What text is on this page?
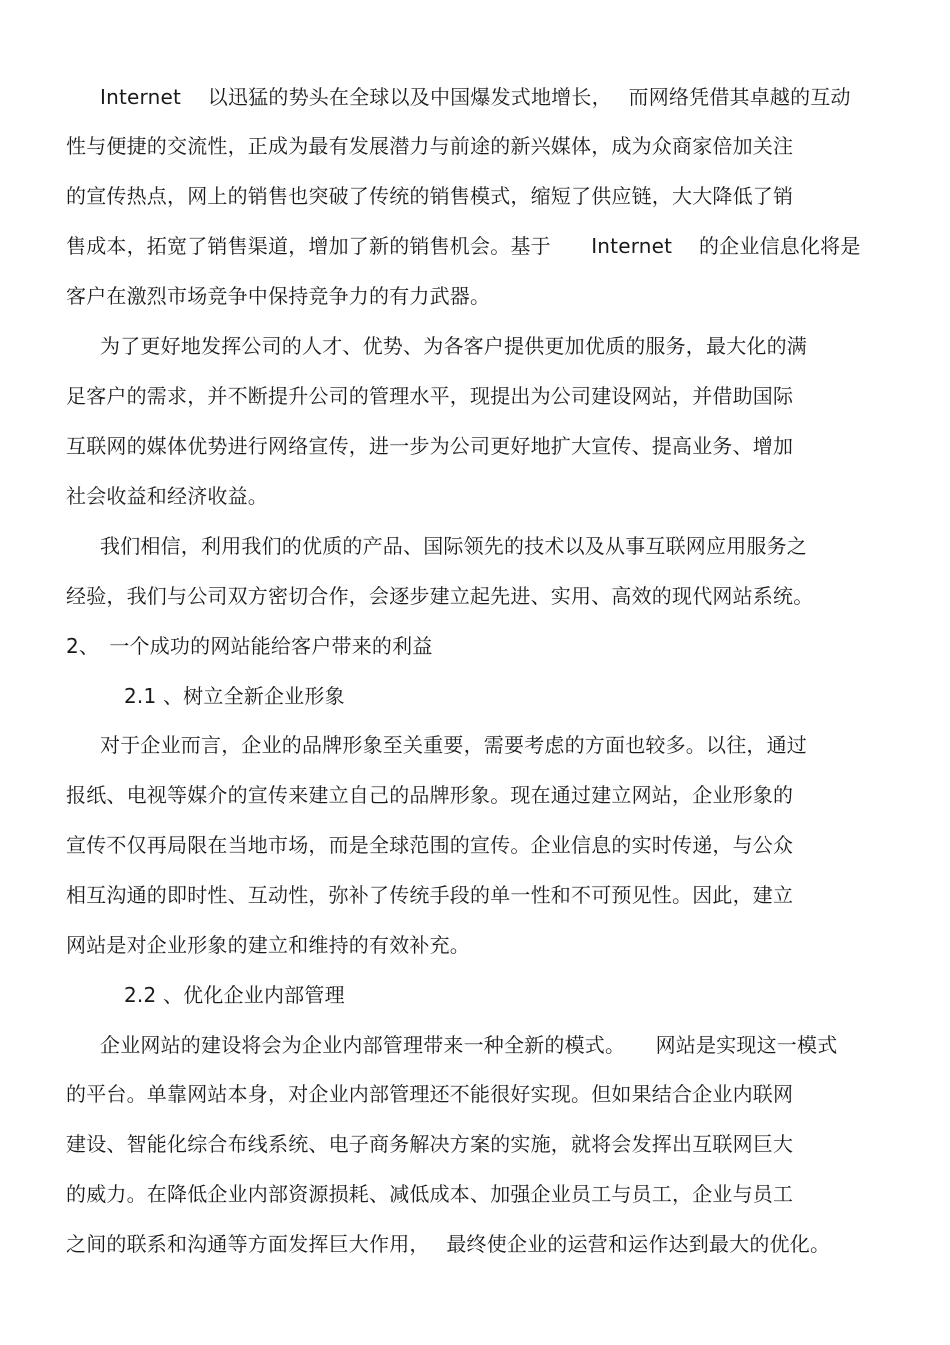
Internet　 以迅猛的势头在全球以及中国爆发式地增长，　 而网络凭借其卓越的互动
性与便捷的交流性，正成为最有发展潜力与前途的新兴媒体，成为众商家倍加关注
的宣传热点，网上的销售也突破了传统的销售模式，缩短了供应链，大大降低了销
售成本，拓宽了销售渠道，增加了新的销售机会。基于　　Internet　 的企业信息化将是
客户在激烈市场竞争中保持竞争力的有力武器。
为了更好地发挥公司的人才、优势、为各客户提供更加优质的服务，最大化的满
足客户的需求，并不断提升公司的管理水平，现提出为公司建设网站，并借助国际
互联网的媒体优势进行网络宣传，进一步为公司更好地扩大宣传、提高业务、增加
社会收益和经济收益。
我们相信，利用我们的优质的产品、国际领先的技术以及从事互联网应用服务之
经验，我们与公司双方密切合作，会逐步建立起先进、实用、高效的现代网站系统。
2、　一个成功的网站能给客户带来的利益
2.1 、树立全新企业形象
对于企业而言，企业的品牌形象至关重要，需要考虑的方面也较多。以往，通过
报纸、电视等媒介的宣传来建立自己的品牌形象。现在通过建立网站，企业形象的
宣传不仅再局限在当地市场，而是全球范围的宣传。企业信息的实时传递，与公众
相互沟通的即时性、互动性，弥补了传统手段的单一性和不可预见性。因此，建立
网站是对企业形象的建立和维持的有效补充。
2.2 、优化企业内部管理
企业网站的建设将会为企业内部管理带来一种全新的模式。　　网站是实现这一模式
的平台。单靠网站本身，对企业内部管理还不能很好实现。但如果结合企业内联网
建设、智能化综合布线系统、电子商务解决方案的实施，就将会发挥出互联网巨大
的威力。在降低企业内部资源损耗、减低成本、加强企业员工与员工，企业与员工
之间的联系和沟通等方面发挥巨大作用，　 最终使企业的运营和运作达到最大的优化。
